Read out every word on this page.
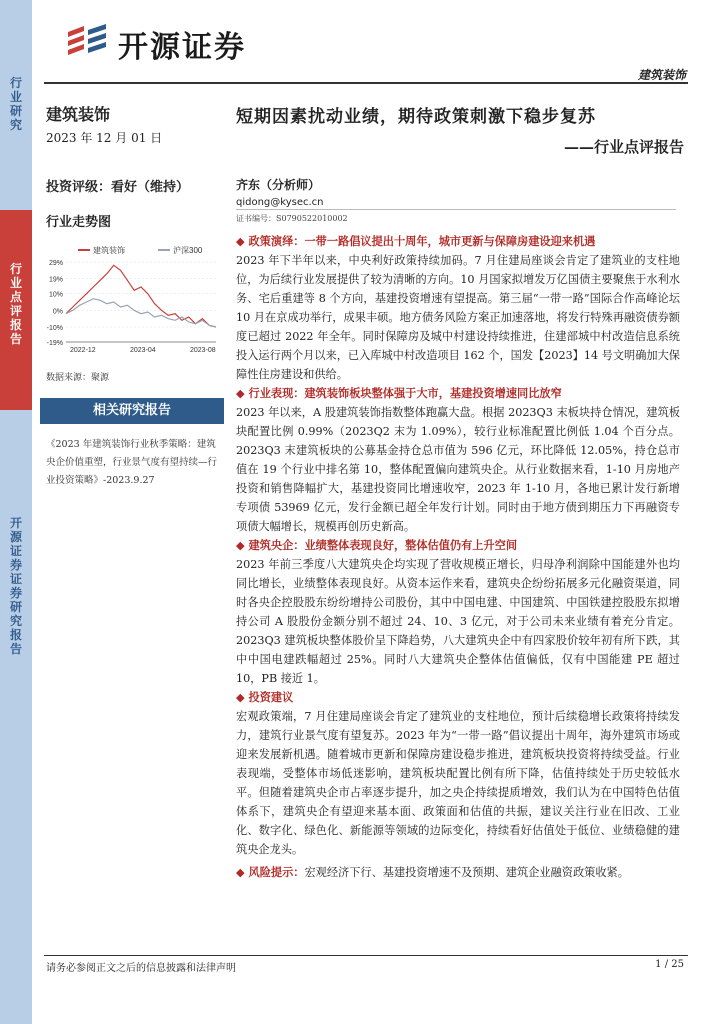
行业研究
行业点评报告
开源证券 证券研究报告
开源证券
建筑装饰
短期因素扰动业绩，期待政策刺激下稳步复苏
——行业点评报告
建筑装饰
2023 年 12 月 01 日
投资评级：看好（维持）
行业走势图
建筑装饰	沪深300
29%
19%
10%
0%
-10%
-19%
2022-12	2023-04	2023-08
数据来源：聚源
相关研究报告
《2023 年建筑装饰行业秋季策略：建筑央企价值重塑，行业景气度有望持续—行业投资策略》-2023.9.27
齐东（分析师）
qidong@kysec.cn
证书编号：S0790522010002

◆ 政策演绎：一带一路倡议提出十周年，城市更新与保障房建设迎来机遇

2023 年下半年以来，中央利好政策持续加码。7 月住建局座谈会肯定了建筑业的支柱地位，为后续行业发展提供了较为清晰的方向。10 月国家拟增发万亿国债主要聚焦于水利水务、宅后重建等 8 个方向，基建投资增速有望提高。第三届“一带一路”国际合作高峰论坛 10 月在京成功举行，成果丰硕。地方债务风险方案正加速落地，将发行特殊再融资债券额度已超过 2022 年全年。同时保障房及城中村建设持续推进，住建部城中村改造信息系统投入运行两个月以来，已入库城中村改造项目 162 个，国发【2023】14 号文明确加大保障性住房建设和供给。

◆ 行业表现：建筑装饰板块整体强于大市，基建投资增速同比放窄

2023 年以来，A 股建筑装饰指数整体跑赢大盘。根据 2023Q3 末板块持仓情况，建筑板块配置比例 0.99%（2023Q2 末为 1.09%），较行业标准配置比例低 1.04 个百分点。2023Q3 末建筑板块的公募基金持仓总市值为 596 亿元，环比降低 12.05%，持仓总市值在 19 个行业中排名第 10，整体配置偏向建筑央企。从行业数据来看，1-10 月房地产投资和销售降幅扩大，基建投资同比增速收窄，2023 年 1-10 月，各地已累计发行新增专项债 53969 亿元，发行金额已超全年发行计划。同时由于地方债到期压力下再融资专项债大幅增长，规模再创历史新高。

◆ 建筑央企：业绩整体表现良好，整体估值仍有上升空间

2023 年前三季度八大建筑央企均实现了营收规模正增长，归母净利润除中国能建外也均同比增长，业绩整体表现良好。从资本运作来看，建筑央企纷纷拓展多元化融资渠道，同时各央企控股股东纷纷增持公司股份，其中中国电建、中国建筑、中国铁建控股股东拟增持公司 A 股股份金额分别不超过 24、10、3 亿元，对于公司未来业绩有着充分肯定。2023Q3 建筑板块整体股价呈下降趋势，八大建筑央企中有四家股价较年初有所下跌，其中中国电建跌幅超过 25%。同时八大建筑央企整体估值偏低，仅有中国能建 PE 超过 10，PB 接近 1。

◆ 投资建议

宏观政策端，7 月住建局座谈会肯定了建筑业的支柱地位，预计后续稳增长政策将持续发力，建筑行业景气度有望复苏。2023 年为“一带一路”倡议提出十周年，海外建筑市场或迎来发展新机遇。随着城市更新和保障房建设稳步推进，建筑板块投资将持续受益。行业表现端，受整体市场低迷影响，建筑板块配置比例有所下降，估值持续处于历史较低水平。但随着建筑央企市占率逐步提升，加之央企持续提质增效，我们认为在中国特色估值体系下，建筑央企有望迎来基本面、政策面和估值的共振，建议关注行业在旧改、工业化、数字化、绿色化、新能源等领域的边际变化，持续看好估值处于低位、业绩稳健的建筑央企龙头。

◆ 风险提示：宏观经济下行、基建投资增速不及预期、建筑企业融资政策收紧。

请务必参阅正文之后的信息披露和法律声明	1 / 25
